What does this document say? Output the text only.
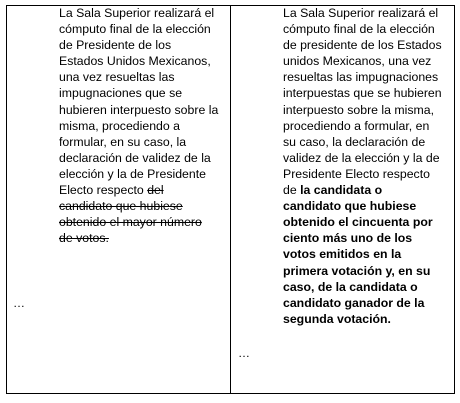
La Sala Superior realizará el
cómputo final de la elección
de Presidente de los
Estados Unidos Mexicanos,
una vez resueltas las
impugnaciones que se
hubieren interpuesto sobre la
misma, procediendo a
formular, en su caso, la
declaración de validez de la
elección y la de Presidente
Electo respecto del
candidato que hubiese
obtenido el mayor número
de votos.
…
La Sala Superior realizará el
cómputo final de la elección
de presidente de los Estados
unidos Mexicanos, una vez
resueltas las impugnaciones
interpuestas que se hubieren
interpuesto sobre la misma,
procediendo a formular, en
su caso, la declaración de
validez de la elección y la de
Presidente Electo respecto
de la candidata o
candidato que hubiese
obtenido el cincuenta por
ciento más uno de los
votos emitidos en la
primera votación y, en su
caso, de la candidata o
candidato ganador de la
segunda votación.
…
